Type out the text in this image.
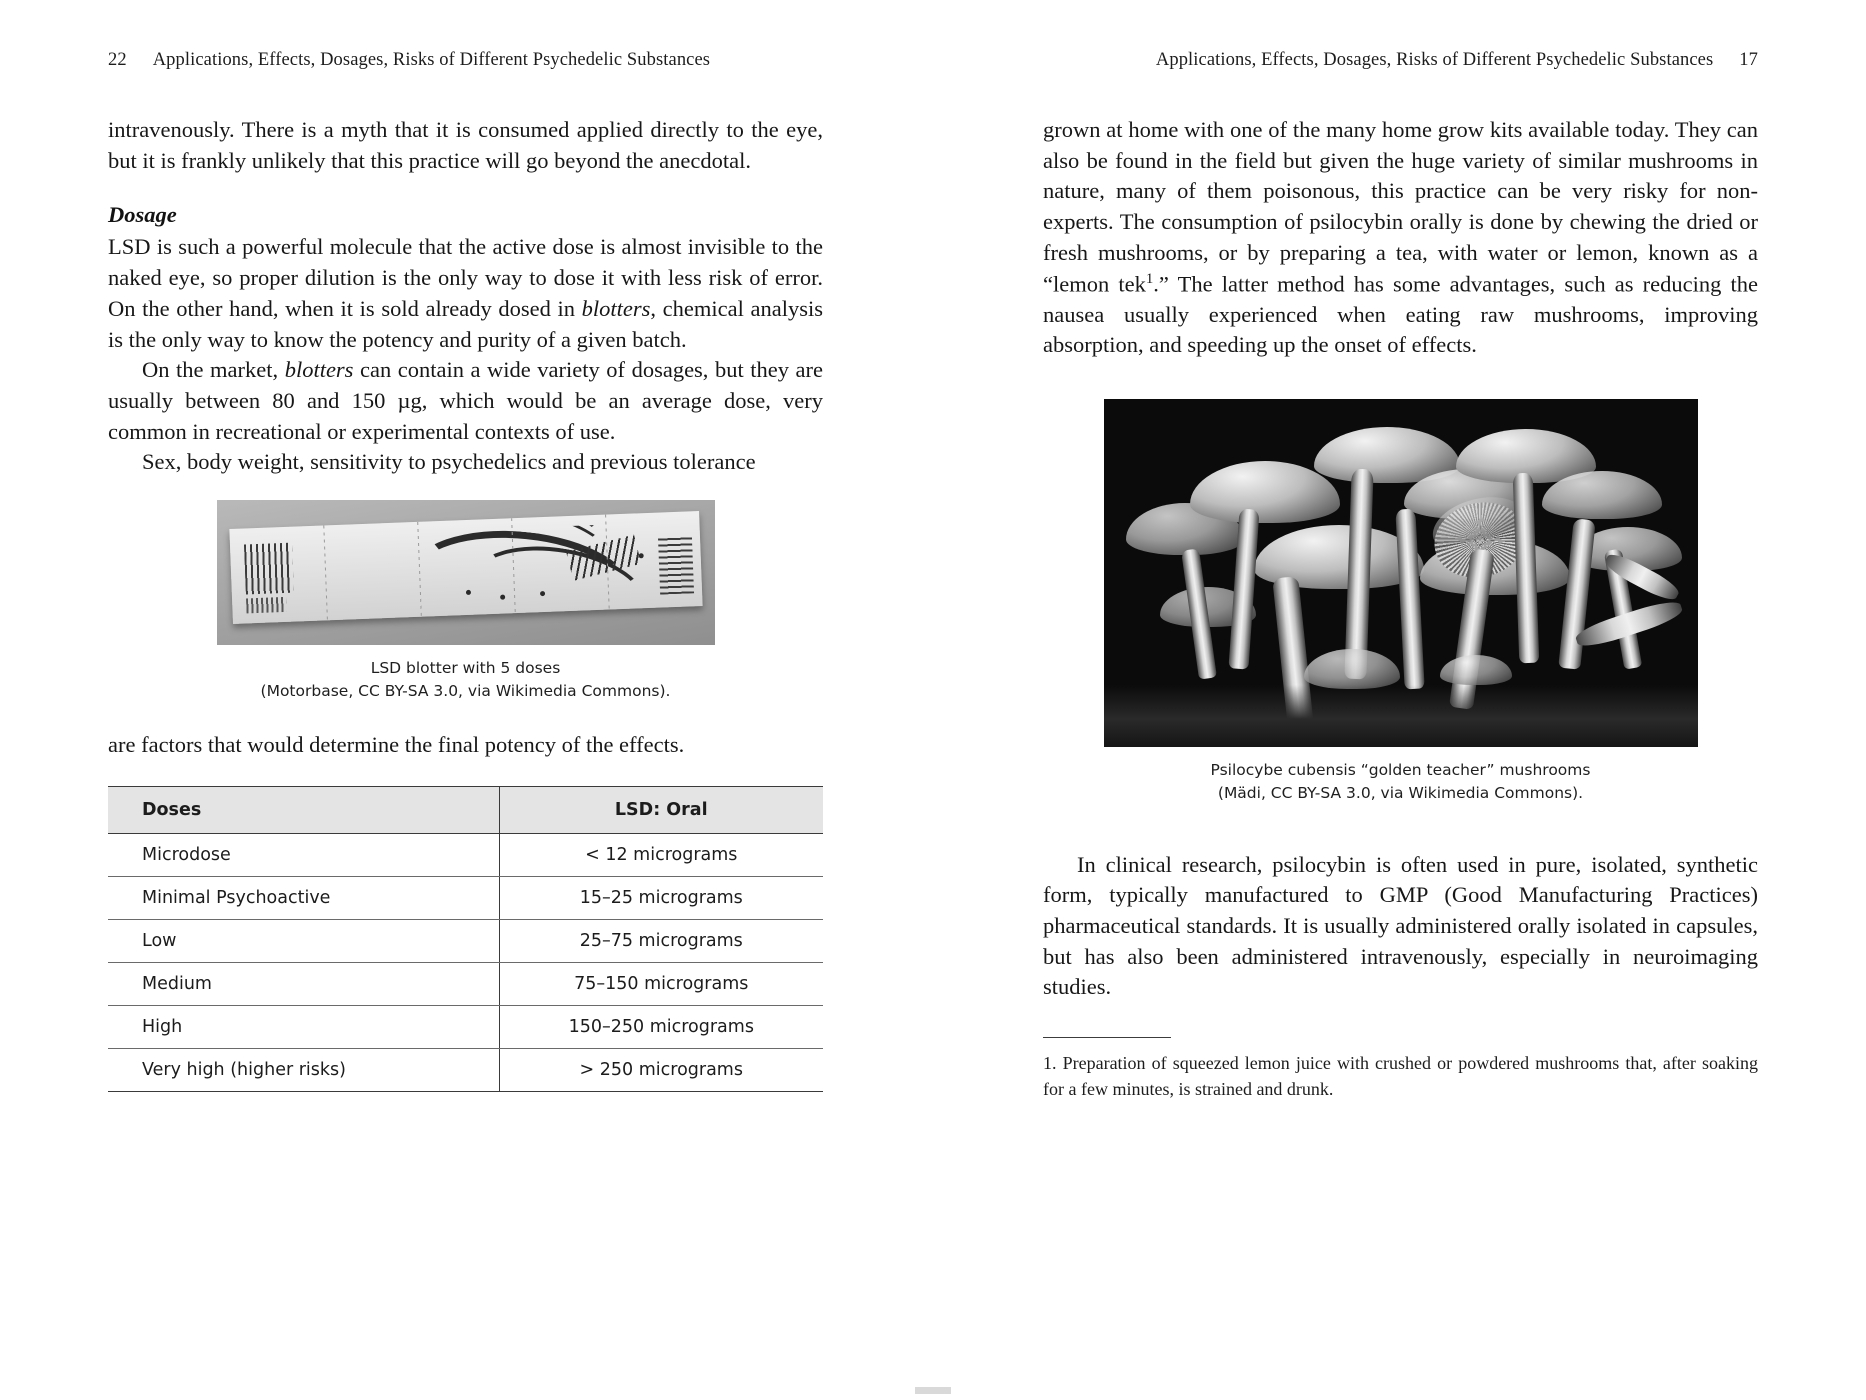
22 Applications, Effects, Dosages, Risks of Different Psychedelic Substances

intravenously. There is a myth that it is consumed applied directly to the eye, but it is frankly unlikely that this practice will go beyond the anecdotal.

Dosage

LSD is such a powerful molecule that the active dose is almost invisible to the naked eye, so proper dilution is the only way to dose it with less risk of error. On the other hand, when it is sold already dosed in blotters, chemical analysis is the only way to know the potency and purity of a given batch.

On the market, blotters can contain a wide variety of dosages, but they are usually between 80 and 150 µg, which would be an average dose, very common in recreational or experimental contexts of use.

Sex, body weight, sensitivity to psychedelics and previous tolerance

LSD blotter with 5 doses
(Motorbase, CC BY-SA 3.0, via Wikimedia Commons).

are factors that would determine the final potency of the effects.

Doses	LSD: Oral
Microdose	< 12 micrograms
Minimal Psychoactive	15–25 micrograms
Low	25–75 micrograms
Medium	75–150 micrograms
High	150–250 micrograms
Very high (higher risks)	> 250 micrograms
Applications, Effects, Dosages, Risks of Different Psychedelic Substances 17

grown at home with one of the many home grow kits available today. They can also be found in the field but given the huge variety of similar mushrooms in nature, many of them poisonous, this practice can be very risky for non-experts. The consumption of psilocybin orally is done by chewing the dried or fresh mushrooms, or by preparing a tea, with water or lemon, known as a “lemon tek$^1$.” The latter method has some advantages, such as reducing the nausea usually experienced when eating raw mushrooms, improving absorption, and speeding up the onset of effects.

Psilocybe cubensis “golden teacher” mushrooms
(Mädi, CC BY-SA 3.0, via Wikimedia Commons).

In clinical research, psilocybin is often used in pure, isolated, synthetic form, typically manufactured to GMP (Good Manufacturing Practices) pharmaceutical standards. It is usually administered orally isolated in capsules, but has also been administered intravenously, especially in neuroimaging studies.

1. Preparation of squeezed lemon juice with crushed or powdered mushrooms that, after soaking for a few minutes, is strained and drunk.
